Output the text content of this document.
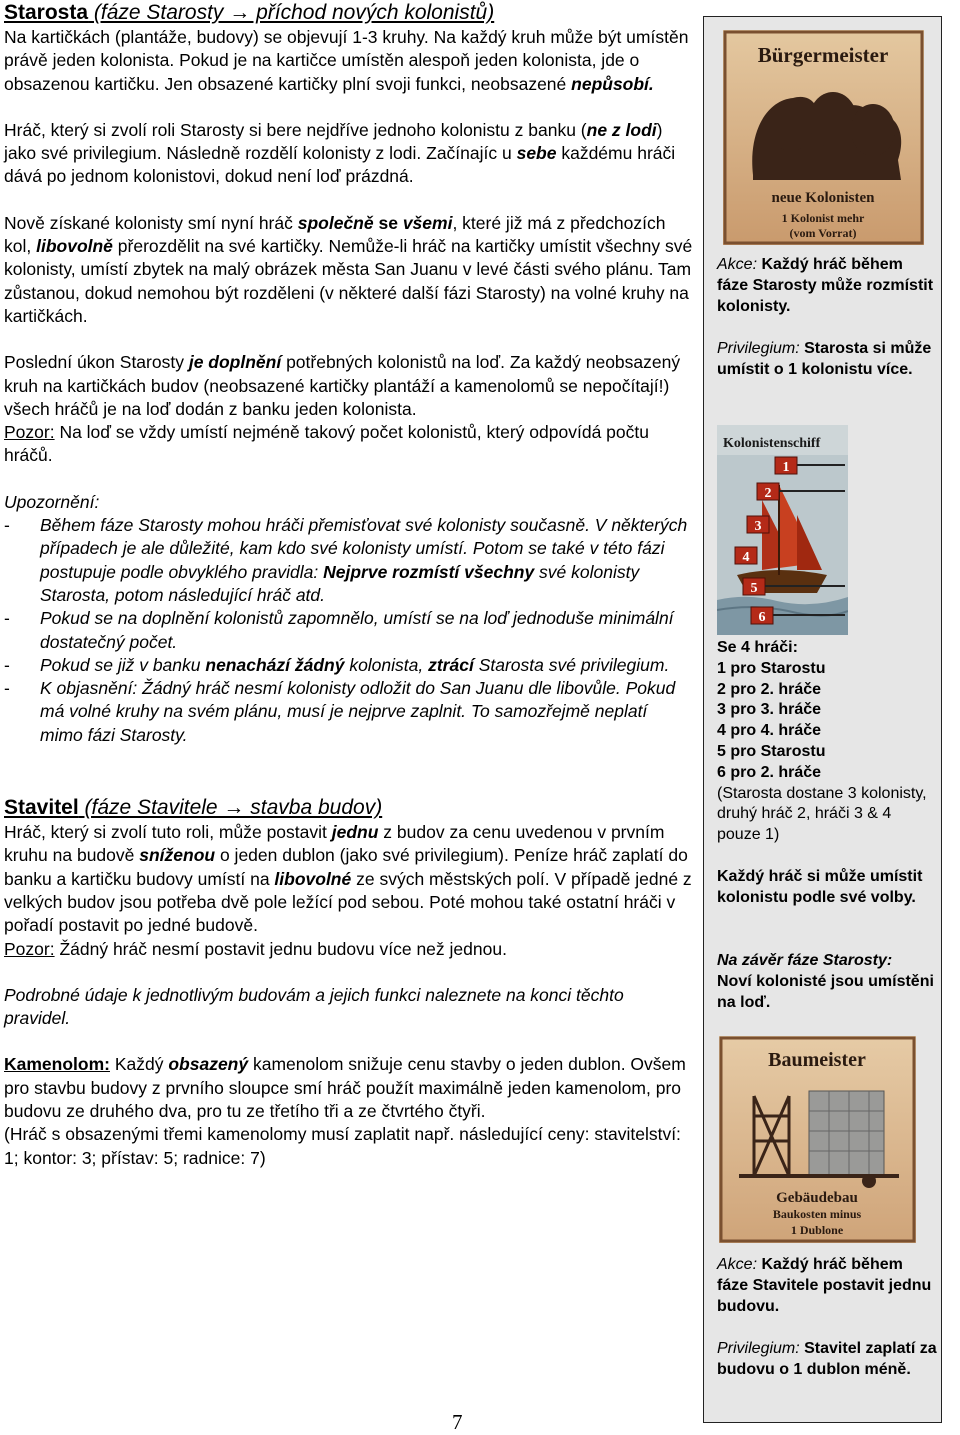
Starosta (fáze Starosty → příchod nových kolonistů)

Na kartičkách (plantáže, budovy) se objevují 1-3 kruhy. Na každý kruh může být umístěn právě jeden kolonista. Pokud je na kartičce umístěn alespoň jeden kolonista, jde o obsazenou kartičku. Jen obsazené kartičky plní svoji funkci, neobsazené nepůsobí.

Hráč, který si zvolí roli Starosty si bere nejdříve jednoho kolonistu z banku (ne z lodi) jako své privilegium. Následně rozdělí kolonisty z lodi. Začínajíc u sebe každému hráči dává po jednom kolonistovi, dokud není loď prázdná.

Nově získané kolonisty smí nyní hráč společně se všemi, které již má z předchozích kol, libovolně přerozdělit na své kartičky. Nemůže-li hráč na kartičky umístit všechny své kolonisty, umístí zbytek na malý obrázek města San Juanu v levé části svého plánu. Tam zůstanou, dokud nemohou být rozděleni (v některé další fázi Starosty) na volné kruhy na kartičkách.

Poslední úkon Starosty je doplnění potřebných kolonistů na loď. Za každý neobsazený kruh na kartičkách budov (neobsazené kartičky plantáží a kamenolomů se nepočítají!) všech hráčů je na loď dodán z banku jeden kolonista.
Pozor: Na loď se vždy umístí nejméně takový počet kolonistů, který odpovídá počtu hráčů.

Upozornění:

- Během fáze Starosty mohou hráči přemisťovat své kolonisty současně. V některých případech je ale důležité, kam kdo své kolonisty umístí. Potom se také v této fázi postupuje podle obvyklého pravidla: Nejprve rozmístí všechny své kolonisty Starosta, potom následující hráč atd.

- Pokud se na doplnění kolonistů zapomnělo, umístí se na loď jednoduše minimální dostatečný počet.

- Pokud se již v banku nenachází žádný kolonista, ztrácí Starosta své privilegium.

- K objasnění: Žádný hráč nesmí kolonisty odložit do San Juanu dle libovůle. Pokud má volné kruhy na svém plánu, musí je nejprve zaplnit. To samozřejmě neplatí mimo fázi Starosty.

Stavitel (fáze Stavitele → stavba budov)

Hráč, který si zvolí tuto roli, může postavit jednu z budov za cenu uvedenou v prvním kruhu na budově sníženou o jeden dublon (jako své privilegium). Peníze hráč zaplatí do banku a kartičku budovy umístí na libovolné ze svých městských polí. V případě jedné z velkých budov jsou potřeba dvě pole ležící pod sebou. Poté mohou také ostatní hráči v pořadí postavit po jedné budově.
Pozor: Žádný hráč nesmí postavit jednu budovu více než jednou.

Podrobné údaje k jednotlivým budovám a jejich funkci naleznete na konci těchto pravidel.

Kamenolom: Každý obsazený kamenolom snižuje cenu stavby o jeden dublon. Ovšem pro stavbu budovy z prvního sloupce smí hráč použít maximálně jeden kamenolom, pro budovu ze druhého dva, pro tu ze třetího tři a ze čtvrtého čtyři.
(Hráč s obsazenými třemi kamenolomy musí zaplatit např. následující ceny: stavitelství: 1; kontor: 3; přístav: 5; radnice: 7)

Bürgermeister
neue Kolonisten
1 Kolonist mehr
(vom Vorrat)
Akce: Každý hráč během fáze Starosty může rozmístit kolonisty.
Privilegium: Starosta si může umístit o 1 kolonistu více.
Kolonistenschiff
1
2
3
4
5
6
Se 4 hráči:
1 pro Starostu
2 pro 2. hráče
3 pro 3. hráče
4 pro 4. hráče
5 pro Starostu
6 pro 2. hráče
(Starosta dostane 3 kolonisty, druhý hráč 2, hráči 3 & 4 pouze 1)
Každý hráč si může umístit kolonistu podle své volby.
Na závěr fáze Starosty:
Noví kolonisté jsou umístěni na loď.
Baumeister
Gebäudebau
Baukosten minus
1 Dublone
Akce: Každý hráč během fáze Stavitele postavit jednu budovu.
Privilegium: Stavitel zaplatí za budovu o 1 dublon méně.
7
